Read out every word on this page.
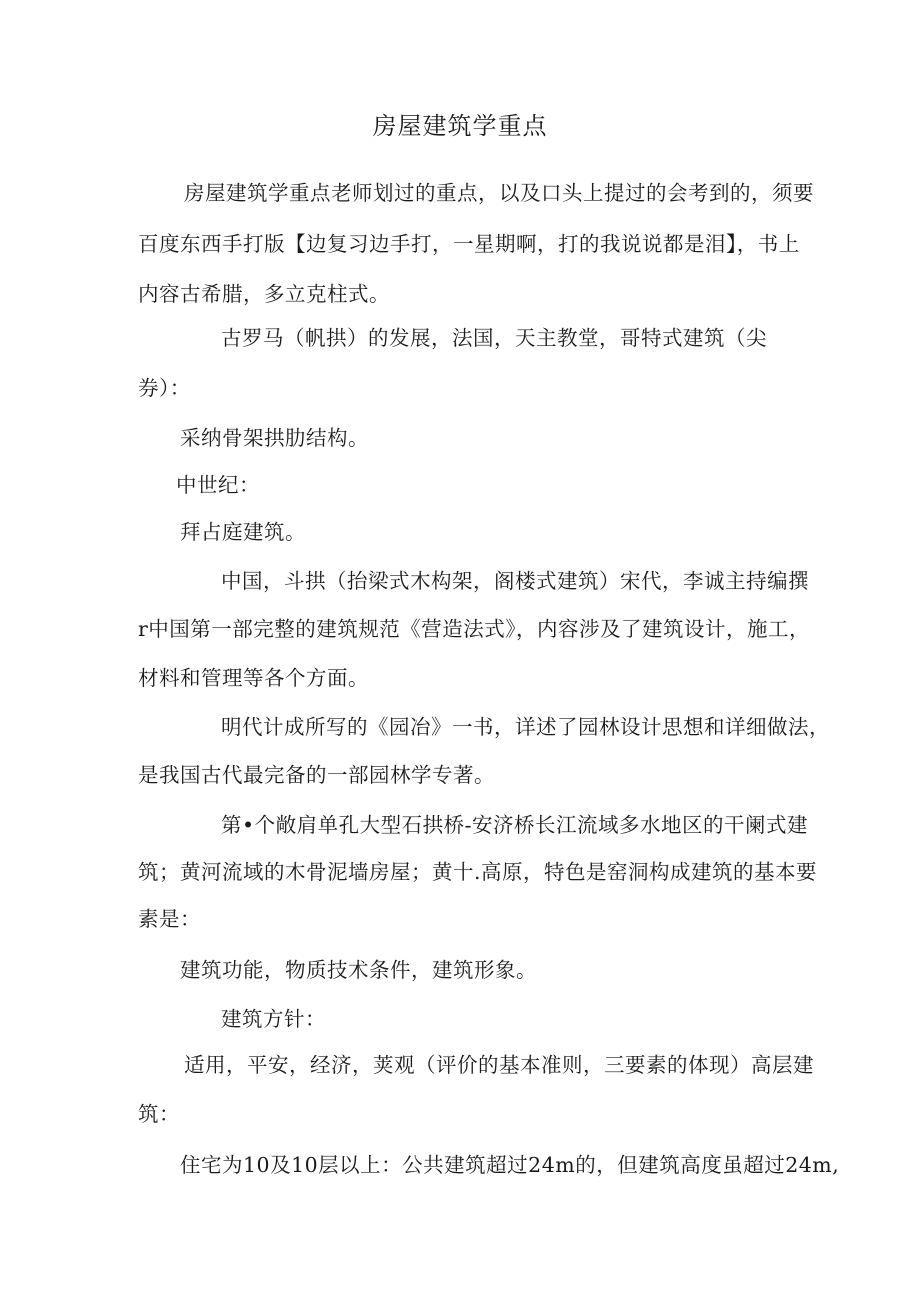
房屋建筑学重点
房屋建筑学重点老师划过的重点，以及口头上提过的会考到的，须要
百度东西手打版【边复习边手打，一星期啊，打的我说说都是泪】，书上
内容古希腊，多立克柱式。
古罗马（帆拱）的发展，法国，天主教堂，哥特式建筑（尖
券）：
采纳骨架拱肋结构。
中世纪：
拜占庭建筑。
中国，斗拱（抬梁式木构架，阁楼式建筑）宋代，李诚主持编撰
r中国第一部完整的建筑规范《营造法式》，内容涉及了建筑设计，施工，
材料和管理等各个方面。
明代计成所写的《园冶》一书，详述了园林设计思想和详细做法，
是我国古代最完备的一部园林学专著。
第•个敞肩单孔大型石拱桥-安济桥长江流域多水地区的干阑式建
筑；黄河流域的木骨泥墙房屋；黄十.高原，特色是窑洞构成建筑的基本要
素是：
建筑功能，物质技术条件，建筑形象。
建筑方针：
适用，平安，经济，荚观（评价的基本准则，三要素的体现）高层建
筑：
住宅为10及10层以上：公共建筑超过24m的，但建筑高度虽超过24m,
